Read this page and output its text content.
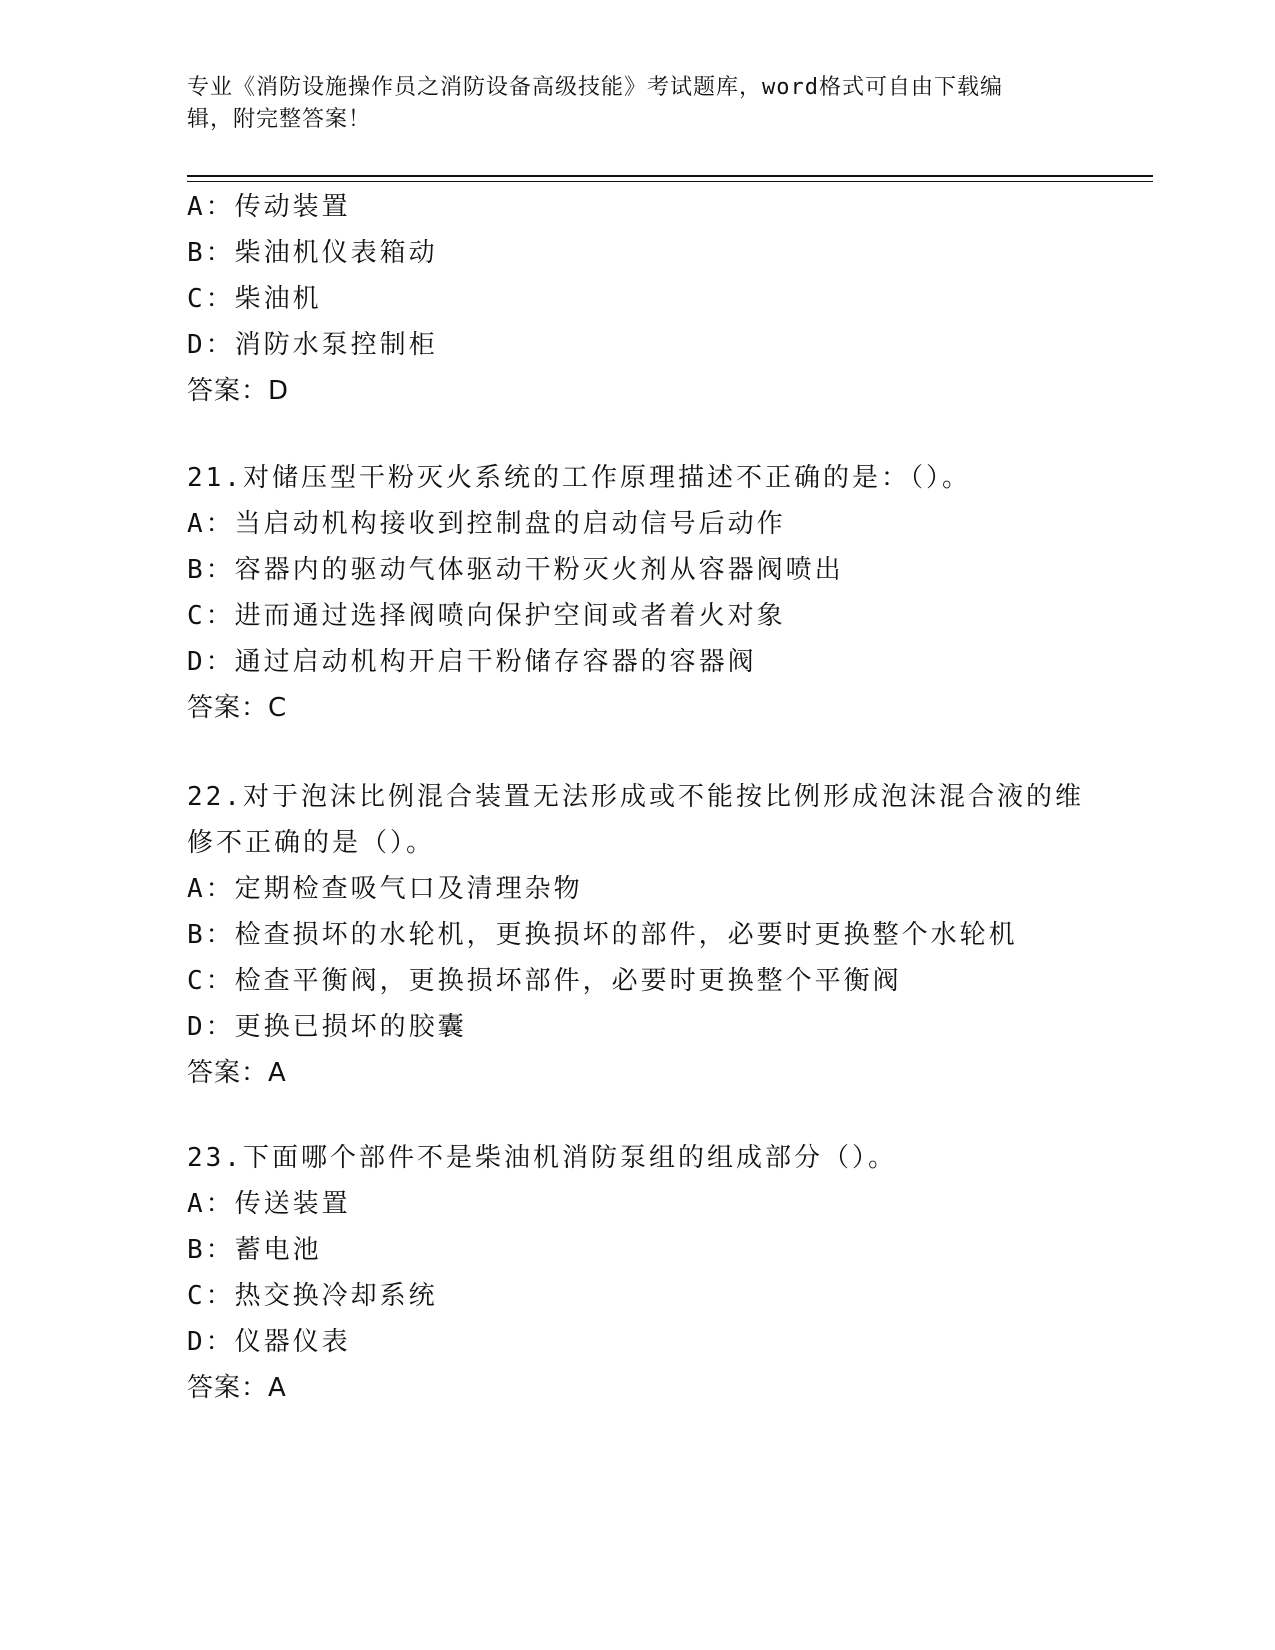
专业《消防设施操作员之消防设备高级技能》考试题库，word格式可自由下载编
辑，附完整答案！
A：传动装置
B：柴油机仪表箱动
C：柴油机
D：消防水泵控制柜
答案：D
21.对储压型干粉灭火系统的工作原理描述不正确的是：（）。
A：当启动机构接收到控制盘的启动信号后动作
B：容器内的驱动气体驱动干粉灭火剂从容器阀喷出
C：进而通过选择阀喷向保护空间或者着火对象
D：通过启动机构开启干粉储存容器的容器阀
答案：C
22.对于泡沫比例混合装置无法形成或不能按比例形成泡沫混合液的维
修不正确的是（）。
A：定期检查吸气口及清理杂物
B：检查损坏的水轮机，更换损坏的部件，必要时更换整个水轮机
C：检查平衡阀，更换损坏部件，必要时更换整个平衡阀
D：更换已损坏的胶囊
答案：A
23.下面哪个部件不是柴油机消防泵组的组成部分（）。
A：传送装置
B：蓄电池
C：热交换冷却系统
D：仪器仪表
答案：A
